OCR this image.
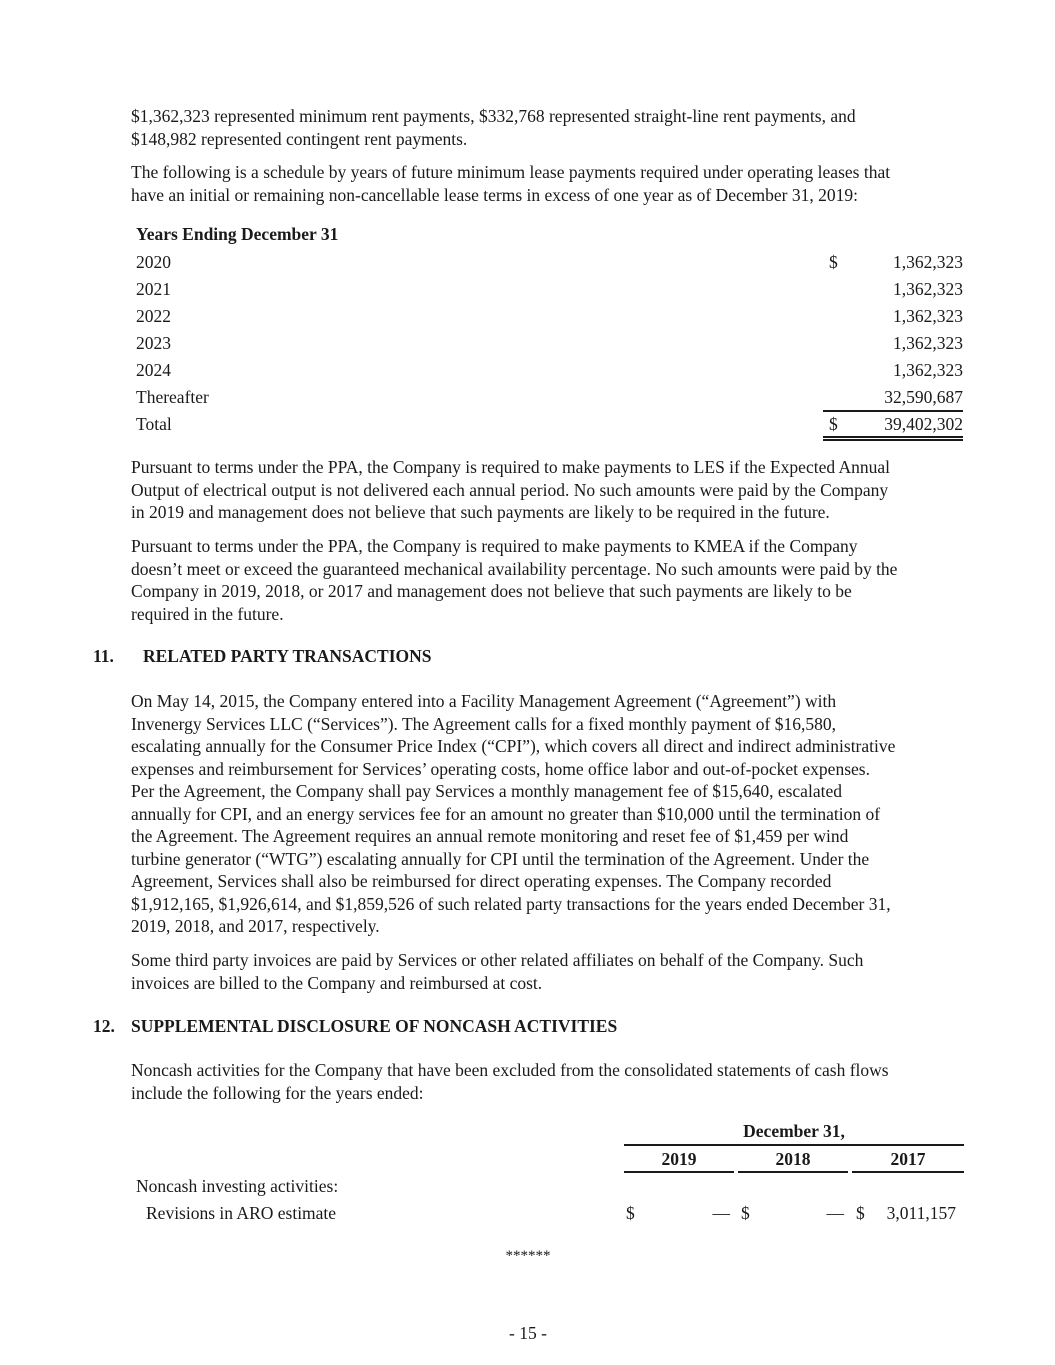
$1,362,323 represented minimum rent payments, $332,768 represented straight-line rent payments, and
$148,982 represented contingent rent payments.
The following is a schedule by years of future minimum lease payments required under operating leases that
have an initial or remaining non-cancellable lease terms in excess of one year as of December 31, 2019:
Years Ending December 31
2020	$	1,362,323
2021	1,362,323
2022	1,362,323
2023	1,362,323
2024	1,362,323
Thereafter	32,590,687
Total	$	39,402,302
Pursuant to terms under the PPA, the Company is required to make payments to LES if the Expected Annual
Output of electrical output is not delivered each annual period. No such amounts were paid by the Company
in 2019 and management does not believe that such payments are likely to be required in the future.
Pursuant to terms under the PPA, the Company is required to make payments to KMEA if the Company
doesn’t meet or exceed the guaranteed mechanical availability percentage. No such amounts were paid by the
Company in 2019, 2018, or 2017 and management does not believe that such payments are likely to be
required in the future.
11. RELATED PARTY TRANSACTIONS
On May 14, 2015, the Company entered into a Facility Management Agreement (“Agreement”) with
Invenergy Services LLC (“Services”). The Agreement calls for a fixed monthly payment of $16,580,
escalating annually for the Consumer Price Index (“CPI”), which covers all direct and indirect administrative
expenses and reimbursement for Services’ operating costs, home office labor and out-of-pocket expenses.
Per the Agreement, the Company shall pay Services a monthly management fee of $15,640, escalated
annually for CPI, and an energy services fee for an amount no greater than $10,000 until the termination of
the Agreement. The Agreement requires an annual remote monitoring and reset fee of $1,459 per wind
turbine generator (“WTG”) escalating annually for CPI until the termination of the Agreement. Under the
Agreement, Services shall also be reimbursed for direct operating expenses. The Company recorded
$1,912,165, $1,926,614, and $1,859,526 of such related party transactions for the years ended December 31,
2019, 2018, and 2017, respectively.
Some third party invoices are paid by Services or other related affiliates on behalf of the Company. Such
invoices are billed to the Company and reimbursed at cost.
12. SUPPLEMENTAL DISCLOSURE OF NONCASH ACTIVITIES
Noncash activities for the Company that have been excluded from the consolidated statements of cash flows
include the following for the years ended:
December 31,
2019	2018	2017
Noncash investing activities:
Revisions in ARO estimate	$	— $	— $	3,011,157
******
- 15 -
